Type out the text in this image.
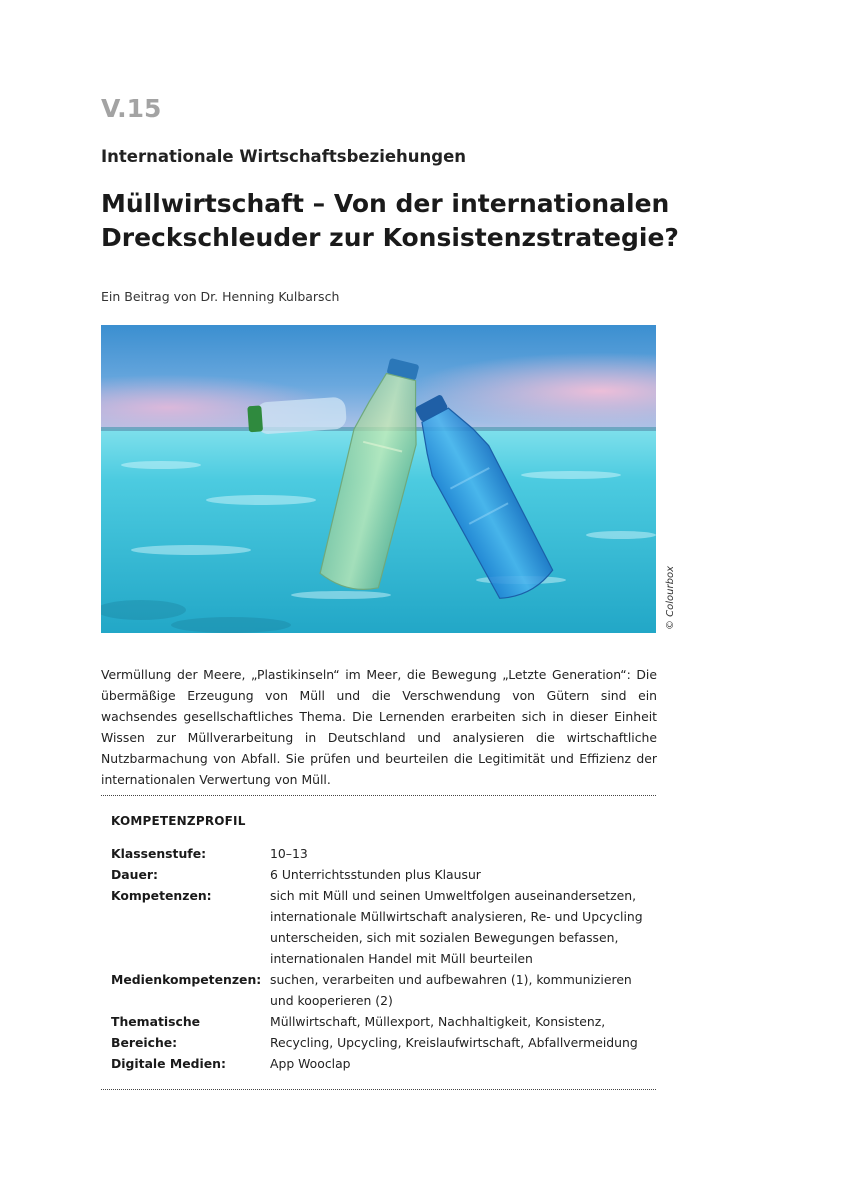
V.15
Internationale Wirtschaftsbeziehungen
Müllwirtschaft – Von der internationalen Dreckschleuder zur Konsistenzstrategie?
Ein Beitrag von Dr. Henning Kulbarsch
© Colourbox

Vermüllung der Meere, „Plastikinseln“ im Meer, die Bewegung „Letzte Generation“: Die übermäßige Erzeugung von Müll und die Verschwendung von Gütern sind ein wachsendes gesellschaftliches Thema. Die Lernenden erarbeiten sich in dieser Einheit Wissen zur Müllverarbeitung in Deutschland und analysieren die wirtschaftliche Nutzbarmachung von Abfall. Sie prüfen und beurteilen die Legitimität und Effizienz der internationalen Verwertung von Müll.

KOMPETENZPROFIL
Klassenstufe:	10–13
Dauer:	6 Unterrichtsstunden plus Klausur
Kompetenzen:	sich mit Müll und seinen Umweltfolgen auseinandersetzen, internationale Müllwirtschaft analysieren, Re- und Upcycling unterscheiden, sich mit sozialen Bewegungen befassen, internationalen Handel mit Müll beurteilen
Medienkompetenzen:	suchen, verarbeiten und aufbewahren (1), kommunizieren und kooperieren (2)
Thematische Bereiche:	Müllwirtschaft, Müllexport, Nachhaltigkeit, Konsistenz, Recycling, Upcycling, Kreislaufwirtschaft, Abfallvermeidung
Digitale Medien:	App Wooclap
